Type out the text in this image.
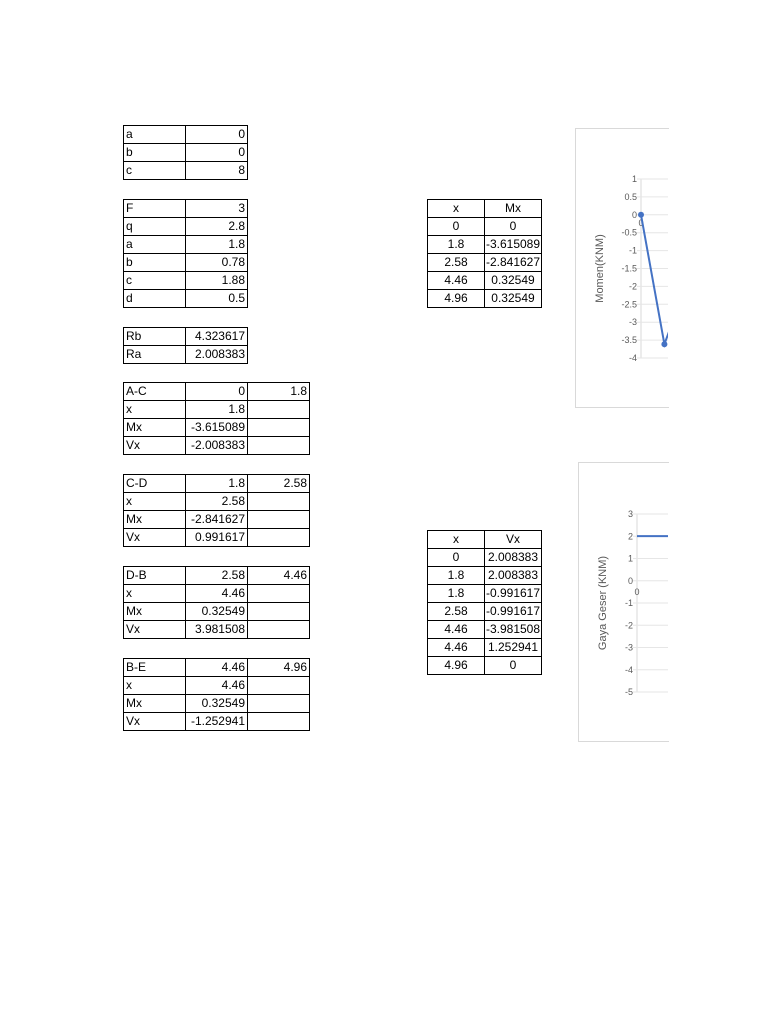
a	0
b	0
c	8
F	3
q	2.8
a	1.8
b	0.78
c	1.88
d	0.5
Rb	4.323617
Ra	2.008383
A-C	0	1.8
x	1.8	
Mx	-3.615089	
Vx	-2.008383	
C-D	1.8	2.58
x	2.58	
Mx	-2.841627	
Vx	0.991617	
D-B	2.58	4.46
x	4.46	
Mx	0.32549	
Vx	3.981508	
B-E	4.46	4.96
x	4.46	
Mx	0.32549	
Vx	-1.252941	
x	Mx
0	0
1.8	-3.615089
2.58	-2.841627
4.46	0.32549
4.96	0.32549
x	Vx
0	2.008383
1.8	2.008383
1.8	-0.991617
2.58	-0.991617
4.46	-3.981508
4.46	1.252941
4.96	0
1
0.5
0
-0.5
-1
-1.5
-2
-2.5
-3
-3.5
-4
0
Momen(KNM)
3
2
1
0
-1
-2
-3
-4
-5
0
Gaya Geser (KNM)
